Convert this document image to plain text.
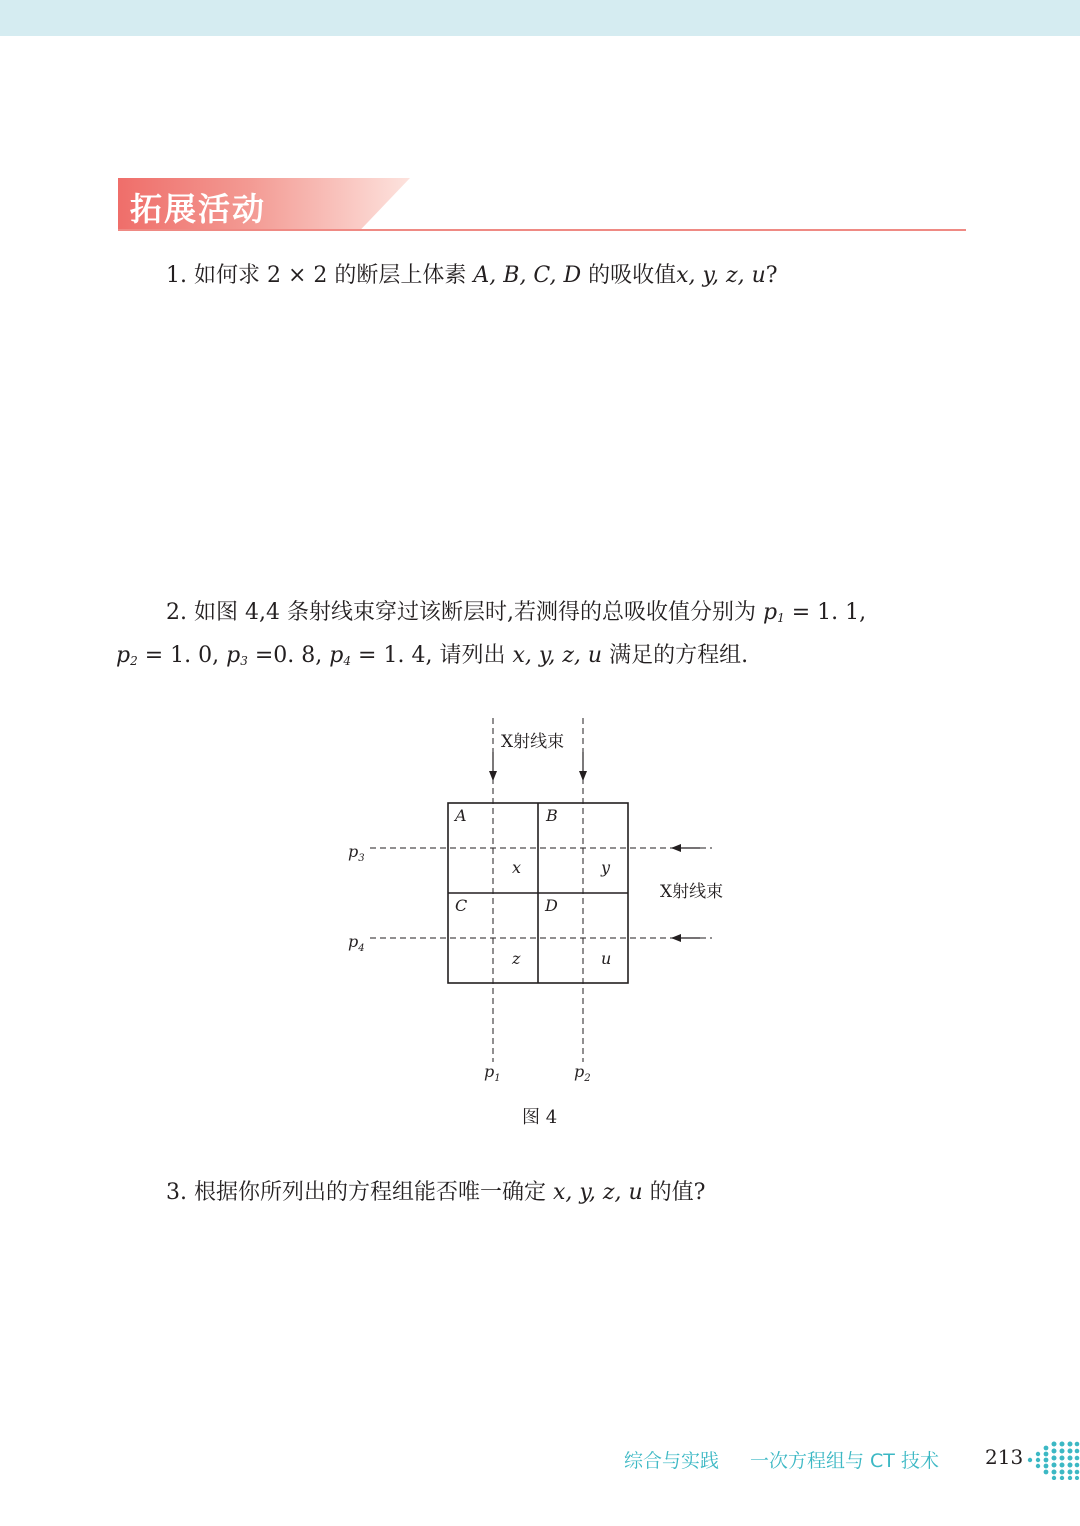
拓展活动
1. 如何求 2 × 2 的断层上体素 A, B, C, D 的吸收值x, y, z, u?
2. 如图 4,4 条射线束穿过该断层时,若测得的总吸收值分别为 $p_1 = 1$. 1,
$p_2 = 1$. 0, $p_3 =0$. 8, $p_4 = 1$. 4, 请列出 x, y, z, u 满足的方程组.
X射线束
X射线束
A	B
C	D
x	y
z	u
$p_3$
$p_4$
$p_1$	$p_2$
图 4
3. 根据你所列出的方程组能否唯一确定 x, y, z, u 的值?
综合与实践 一次方程组与 CT 技术 213
